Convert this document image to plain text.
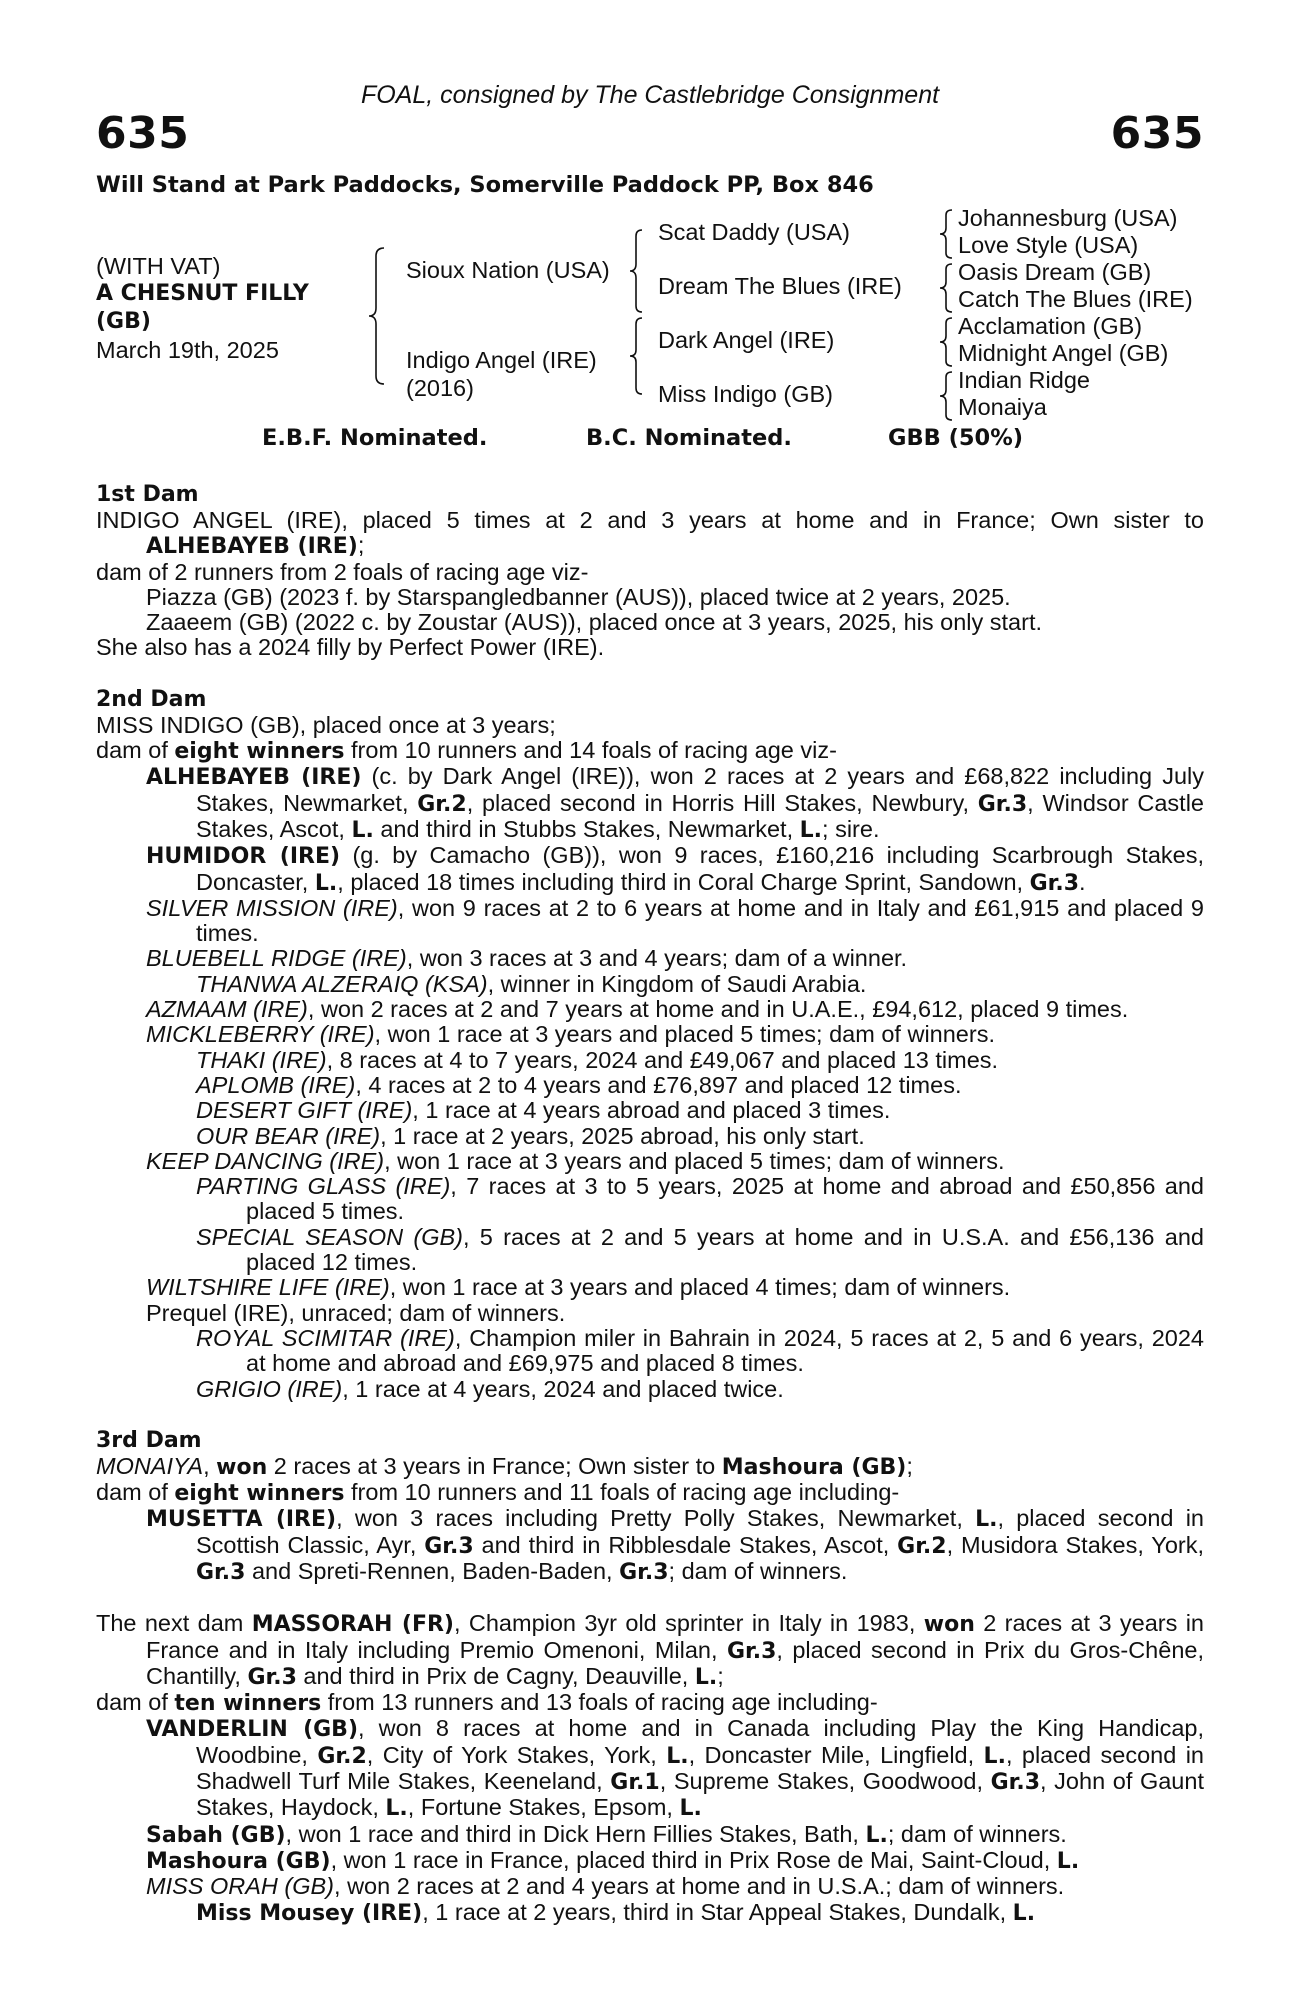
FOAL, consigned by The Castlebridge Consignment
635	635
Will Stand at Park Paddocks, Somerville Paddock PP, Box 846
(WITH VAT)
A CHESNUT FILLY
(GB)
March 19th, 2025
Sioux Nation (USA)
Indigo Angel (IRE)
(2016)
Scat Daddy (USA)
Dream The Blues (IRE)
Dark Angel (IRE)
Miss Indigo (GB)
Johannesburg (USA)
Love Style (USA)
Oasis Dream (GB)
Catch The Blues (IRE)
Acclamation (GB)
Midnight Angel (GB)
Indian Ridge
Monaiya
E.B.F. Nominated.	B.C. Nominated.	GBB (50%)
1st Dam
INDIGO ANGEL (IRE), placed 5 times at 2 and 3 years at home and in France; Own sister to ALHEBAYEB (IRE);
dam of 2 runners from 2 foals of racing age viz-
Piazza (GB) (2023 f. by Starspangledbanner (AUS)), placed twice at 2 years, 2025.
Zaaeem (GB) (2022 c. by Zoustar (AUS)), placed once at 3 years, 2025, his only start.
She also has a 2024 filly by Perfect Power (IRE).
2nd Dam
MISS INDIGO (GB), placed once at 3 years;
dam of eight winners from 10 runners and 14 foals of racing age viz-
ALHEBAYEB (IRE) (c. by Dark Angel (IRE)), won 2 races at 2 years and £68,822 including July Stakes, Newmarket, Gr.2, placed second in Horris Hill Stakes, Newbury, Gr.3, Windsor Castle Stakes, Ascot, L. and third in Stubbs Stakes, Newmarket, L.; sire.
HUMIDOR (IRE) (g. by Camacho (GB)), won 9 races, £160,216 including Scarbrough Stakes, Doncaster, L., placed 18 times including third in Coral Charge Sprint, Sandown, Gr.3.
SILVER MISSION (IRE), won 9 races at 2 to 6 years at home and in Italy and £61,915 and placed 9 times.
BLUEBELL RIDGE (IRE), won 3 races at 3 and 4 years; dam of a winner.
THANWA ALZERAIQ (KSA), winner in Kingdom of Saudi Arabia.
AZMAAM (IRE), won 2 races at 2 and 7 years at home and in U.A.E., £94,612, placed 9 times.
MICKLEBERRY (IRE), won 1 race at 3 years and placed 5 times; dam of winners.
THAKI (IRE), 8 races at 4 to 7 years, 2024 and £49,067 and placed 13 times.
APLOMB (IRE), 4 races at 2 to 4 years and £76,897 and placed 12 times.
DESERT GIFT (IRE), 1 race at 4 years abroad and placed 3 times.
OUR BEAR (IRE), 1 race at 2 years, 2025 abroad, his only start.
KEEP DANCING (IRE), won 1 race at 3 years and placed 5 times; dam of winners.
PARTING GLASS (IRE), 7 races at 3 to 5 years, 2025 at home and abroad and £50,856 and placed 5 times.
SPECIAL SEASON (GB), 5 races at 2 and 5 years at home and in U.S.A. and £56,136 and placed 12 times.
WILTSHIRE LIFE (IRE), won 1 race at 3 years and placed 4 times; dam of winners.
Prequel (IRE), unraced; dam of winners.
ROYAL SCIMITAR (IRE), Champion miler in Bahrain in 2024, 5 races at 2, 5 and 6 years, 2024 at home and abroad and £69,975 and placed 8 times.
GRIGIO (IRE), 1 race at 4 years, 2024 and placed twice.
3rd Dam
MONAIYA, won 2 races at 3 years in France; Own sister to Mashoura (GB);
dam of eight winners from 10 runners and 11 foals of racing age including-
MUSETTA (IRE), won 3 races including Pretty Polly Stakes, Newmarket, L., placed second in Scottish Classic, Ayr, Gr.3 and third in Ribblesdale Stakes, Ascot, Gr.2, Musidora Stakes, York, Gr.3 and Spreti-Rennen, Baden-Baden, Gr.3; dam of winners.
The next dam MASSORAH (FR), Champion 3yr old sprinter in Italy in 1983, won 2 races at 3 years in France and in Italy including Premio Omenoni, Milan, Gr.3, placed second in Prix du Gros-Chêne, Chantilly, Gr.3 and third in Prix de Cagny, Deauville, L.;
dam of ten winners from 13 runners and 13 foals of racing age including-
VANDERLIN (GB), won 8 races at home and in Canada including Play the King Handicap, Woodbine, Gr.2, City of York Stakes, York, L., Doncaster Mile, Lingfield, L., placed second in Shadwell Turf Mile Stakes, Keeneland, Gr.1, Supreme Stakes, Goodwood, Gr.3, John of Gaunt Stakes, Haydock, L., Fortune Stakes, Epsom, L.
Sabah (GB), won 1 race and third in Dick Hern Fillies Stakes, Bath, L.; dam of winners.
Mashoura (GB), won 1 race in France, placed third in Prix Rose de Mai, Saint-Cloud, L.
MISS ORAH (GB), won 2 races at 2 and 4 years at home and in U.S.A.; dam of winners.
Miss Mousey (IRE), 1 race at 2 years, third in Star Appeal Stakes, Dundalk, L.
